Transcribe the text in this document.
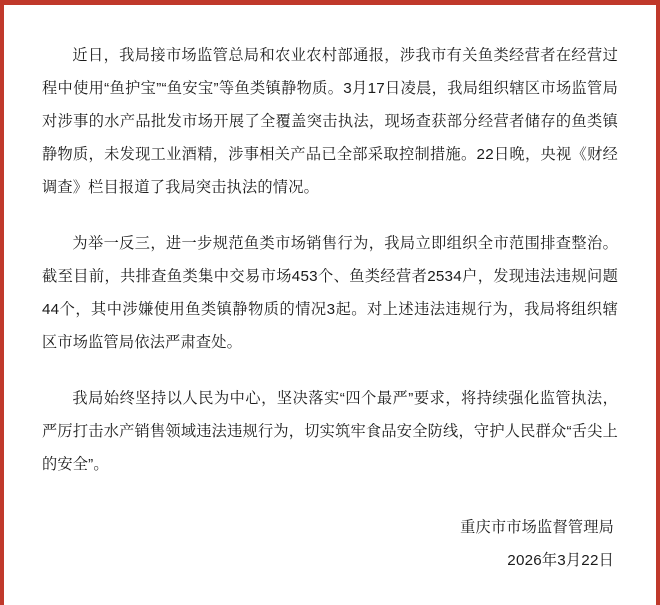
近日，我局接市场监管总局和农业农村部通报，涉我市有关鱼类经营者在经营过程中使用“鱼护宝”“鱼安宝”等鱼类镇静物质。3月17日凌晨，我局组织辖区市场监管局对涉事的水产品批发市场开展了全覆盖突击执法，现场查获部分经营者储存的鱼类镇静物质，未发现工业酒精，涉事相关产品已全部采取控制措施。22日晚，央视《财经调查》栏目报道了我局突击执法的情况。

为举一反三，进一步规范鱼类市场销售行为，我局立即组织全市范围排查整治。截至目前，共排查鱼类集中交易市场453个、鱼类经营者2534户，发现违法违规问题44个，其中涉嫌使用鱼类镇静物质的情况3起。对上述违法违规行为，我局将组织辖区市场监管局依法严肃查处。

我局始终坚持以人民为中心，坚决落实“四个最严”要求，将持续强化监管执法，严厉打击水产销售领域违法违规行为，切实筑牢食品安全防线，守护人民群众“舌尖上的安全”。

重庆市市场监督管理局
2026年3月22日
